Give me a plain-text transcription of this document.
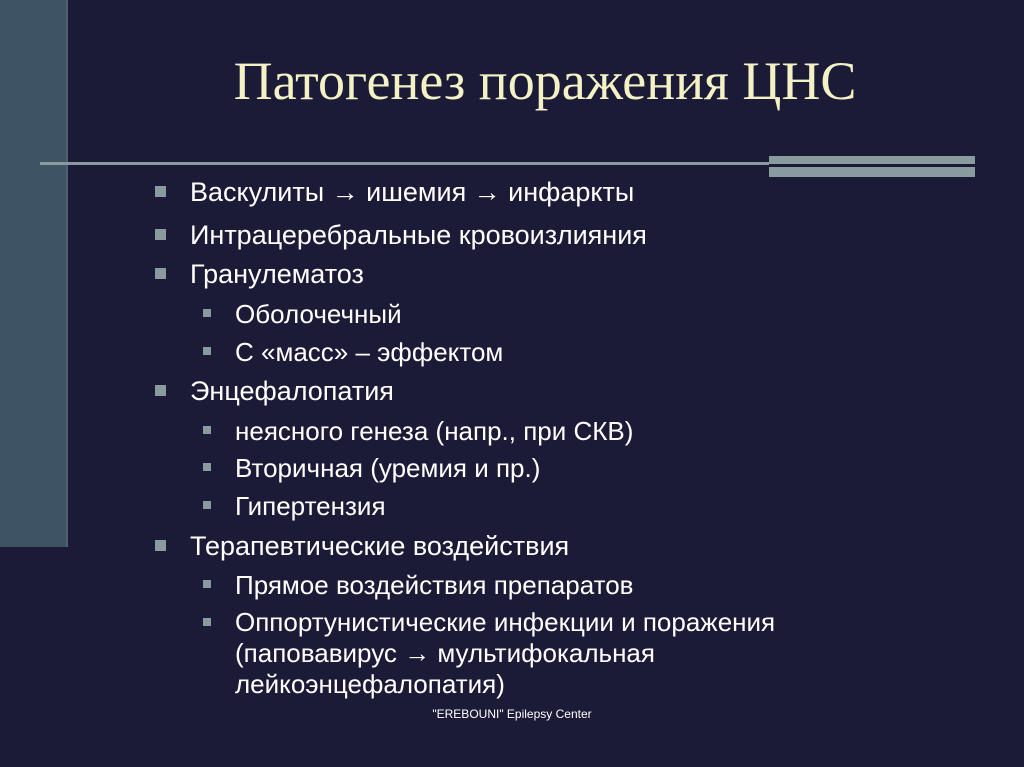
Патогенез поражения ЦНС
Васкулиты → ишемия → инфаркты
Интрацеребральные кровоизлияния
Гранулематоз
Оболочечный
С «масс» – эффектом
Энцефалопатия
неясного генеза (напр., при СКВ)
Вторичная (уремия и пр.)
Гипертензия
Терапевтические воздействия
Прямое воздействия препаратов
Оппортунистические инфекции и поражения
(паповавирус → мультифокальная
лейкоэнцефалопатия)
"EREBOUNI" Epilepsy Center
